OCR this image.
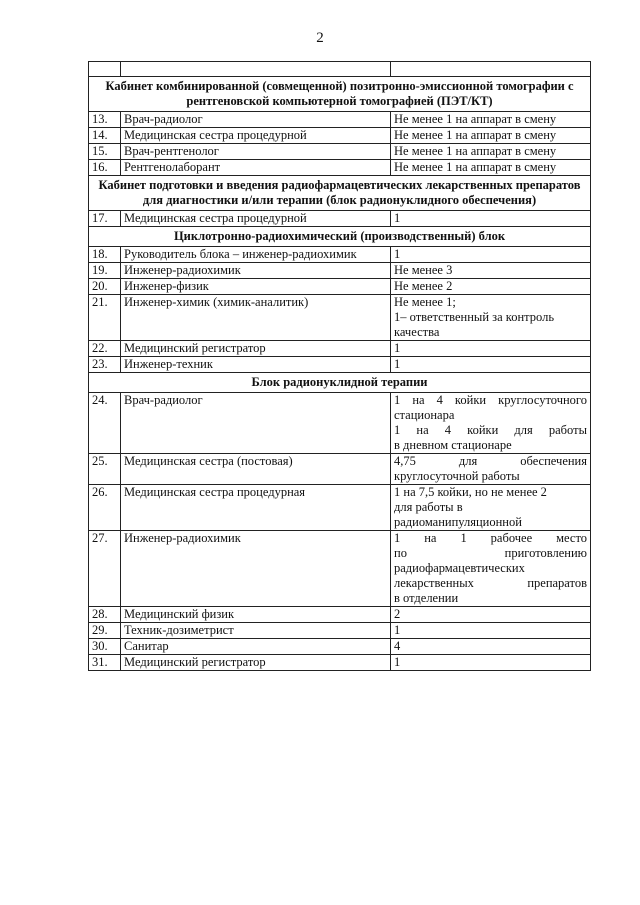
2

Кабинет комбинированной (совмещенной) позитронно-эмиссионной томографии с рентгеновской компьютерной томографией (ПЭТ/КТ)		
13.	Врач-радиолог	Не менее 1 на аппарат в смену

14.	Медицинская сестра процедурной	Не менее 1 на аппарат в смену

15.	Врач-рентгенолог	Не менее 1 на аппарат в смену

16.	Рентгенолаборант	Не менее 1 на аппарат в смену

Кабинет подготовки и введения радиофармацевтических лекарственных препаратов для диагностики и/или терапии (блок радионуклидного обеспечения)		
17.	Медицинская сестра процедурной	1

Циклотронно-радиохимический (производственный) блок		
18.	Руководитель блока – инженер-радиохимик	1

19.	Инженер-радиохимик	Не менее 3

20.	Инженер-физик	Не менее 2

21.	Инженер-химик (химик-аналитик)	Не менее 1;
1– ответственный за контроль
качества

22.	Медицинский регистратор	1

23.	Инженер-техник	1

Блок радионуклидной терапии		
24.	Врач-радиолог	1 на 4 койки круглосуточного
стационара
1 на 4 койки для работы
в дневном стационаре

25.	Медицинская сестра (постовая)	4,75 для обеспечения
круглосуточной работы

26.	Медицинская сестра процедурная	1 на 7,5 койки, но не менее 2
для работы в
радиоманипуляционной

27.	Инженер-радиохимик	1 на 1 рабочее место
по приготовлению
радиофармацевтических
лекарственных препаратов
в отделении

28.	Медицинский физик	2

29.	Техник-дозиметрист	1

30.	Санитар	4

31.	Медицинский регистратор	1
